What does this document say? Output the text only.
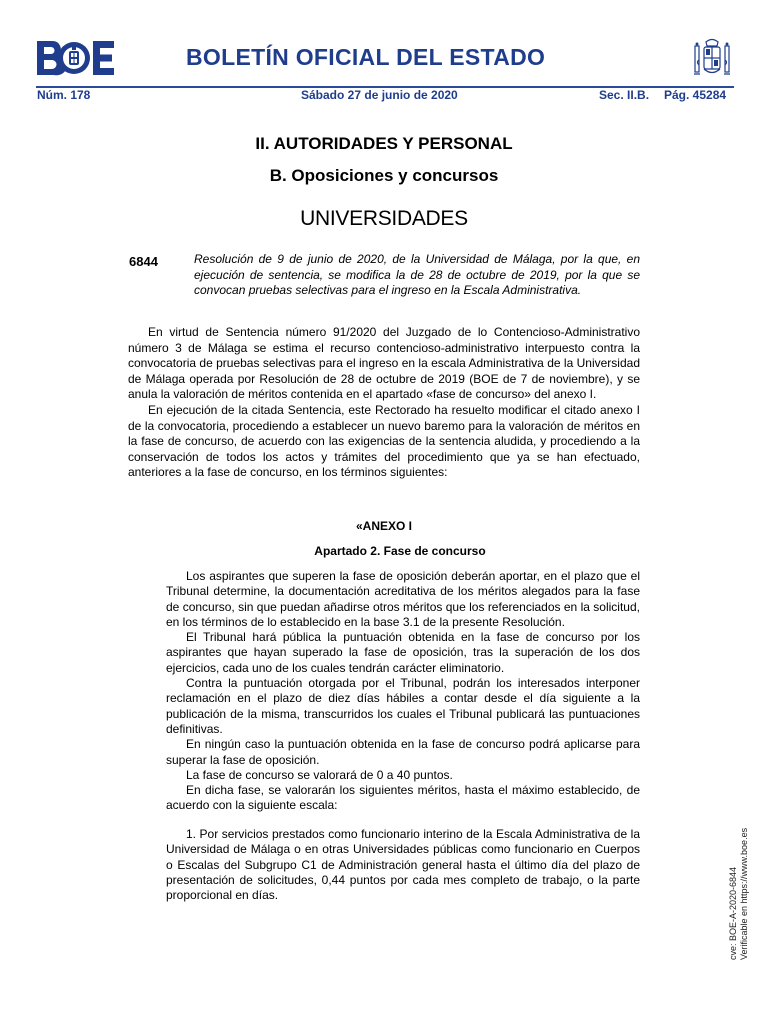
BOLETÍN OFICIAL DEL ESTADO
Núm. 178	Sábado 27 de junio de 2020	Sec. II.B. Pág. 45284
II. AUTORIDADES Y PERSONAL
B. Oposiciones y concursos
UNIVERSIDADES
6844	Resolución de 9 de junio de 2020, de la Universidad de Málaga, por la que, en ejecución de sentencia, se modifica la de 28 de octubre de 2019, por la que se convocan pruebas selectivas para el ingreso en la Escala Administrativa.

En virtud de Sentencia número 91/2020 del Juzgado de lo Contencioso-Administrativo número 3 de Málaga se estima el recurso contencioso-administrativo interpuesto contra la convocatoria de pruebas selectivas para el ingreso en la escala Administrativa de la Universidad de Málaga operada por Resolución de 28 de octubre de 2019 (BOE de 7 de noviembre), y se anula la valoración de méritos contenida en el apartado «fase de concurso» del anexo I.

En ejecución de la citada Sentencia, este Rectorado ha resuelto modificar el citado anexo I de la convocatoria, procediendo a establecer un nuevo baremo para la valoración de méritos en la fase de concurso, de acuerdo con las exigencias de la sentencia aludida, y procediendo a la conservación de todos los actos y trámites del procedimiento que ya se han efectuado, anteriores a la fase de concurso, en los términos siguientes:

«ANEXO I
Apartado 2. Fase de concurso

Los aspirantes que superen la fase de oposición deberán aportar, en el plazo que el Tribunal determine, la documentación acreditativa de los méritos alegados para la fase de concurso, sin que puedan añadirse otros méritos que los referenciados en la solicitud, en los términos de lo establecido en la base 3.1 de la presente Resolución.

El Tribunal hará pública la puntuación obtenida en la fase de concurso por los aspirantes que hayan superado la fase de oposición, tras la superación de los dos ejercicios, cada uno de los cuales tendrán carácter eliminatorio.

Contra la puntuación otorgada por el Tribunal, podrán los interesados interponer reclamación en el plazo de diez días hábiles a contar desde el día siguiente a la publicación de la misma, transcurridos los cuales el Tribunal publicará las puntuaciones definitivas.

En ningún caso la puntuación obtenida en la fase de concurso podrá aplicarse para superar la fase de oposición.

La fase de concurso se valorará de 0 a 40 puntos.

En dicha fase, se valorarán los siguientes méritos, hasta el máximo establecido, de acuerdo con la siguiente escala:

1. Por servicios prestados como funcionario interino de la Escala Administrativa de la Universidad de Málaga o en otras Universidades públicas como funcionario en Cuerpos o Escalas del Subgrupo C1 de Administración general hasta el último día del plazo de presentación de solicitudes, 0,44 puntos por cada mes completo de trabajo, o la parte proporcional en días.	cve: BOE-A-2020-6844 Verificable en https://www.boe.es
